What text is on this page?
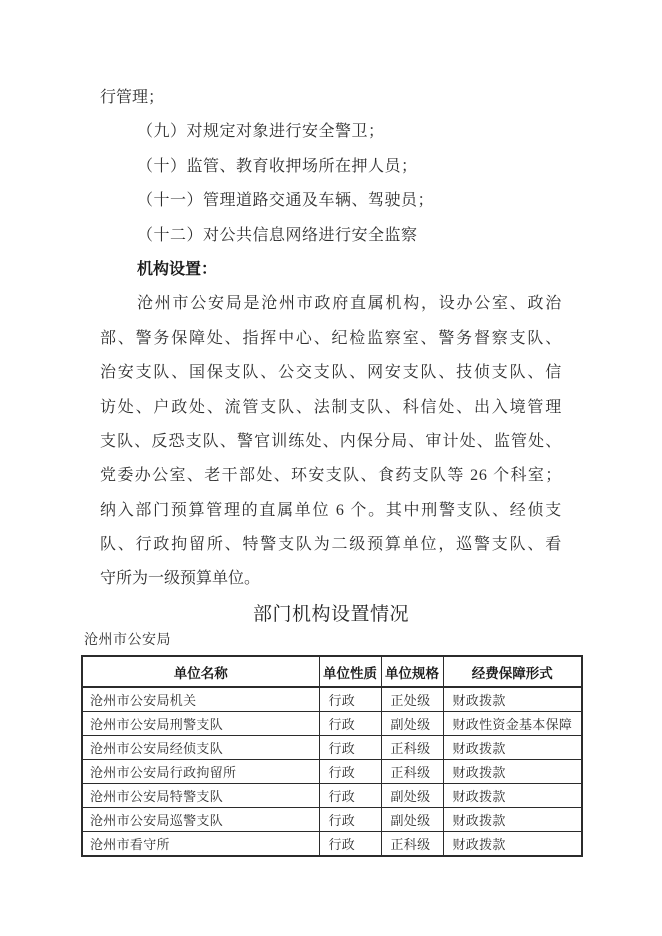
行管理；
（九）对规定对象进行安全警卫；
（十）监管、教育收押场所在押人员；
（十一）管理道路交通及车辆、驾驶员；
（十二）对公共信息网络进行安全监察
机构设置：
沧州市公安局是沧州市政府直属机构，设办公室、政治
部、警务保障处、指挥中心、纪检监察室、警务督察支队、
治安支队、国保支队、公交支队、网安支队、技侦支队、信
访处、户政处、流管支队、法制支队、科信处、出入境管理
支队、反恐支队、警官训练处、内保分局、审计处、监管处、
党委办公室、老干部处、环安支队、食药支队等 26 个科室；
纳入部门预算管理的直属单位 6 个。其中刑警支队、经侦支
队、行政拘留所、特警支队为二级预算单位，巡警支队、看
守所为一级预算单位。
部门机构设置情况
沧州市公安局
单位名称	单位性质	单位规格	经费保障形式
沧州市公安局机关	行政	正处级	财政拨款
沧州市公安局刑警支队	行政	副处级	财政性资金基本保障
沧州市公安局经侦支队	行政	正科级	财政拨款
沧州市公安局行政拘留所	行政	正科级	财政拨款
沧州市公安局特警支队	行政	副处级	财政拨款
沧州市公安局巡警支队	行政	副处级	财政拨款
沧州市看守所	行政	正科级	财政拨款
